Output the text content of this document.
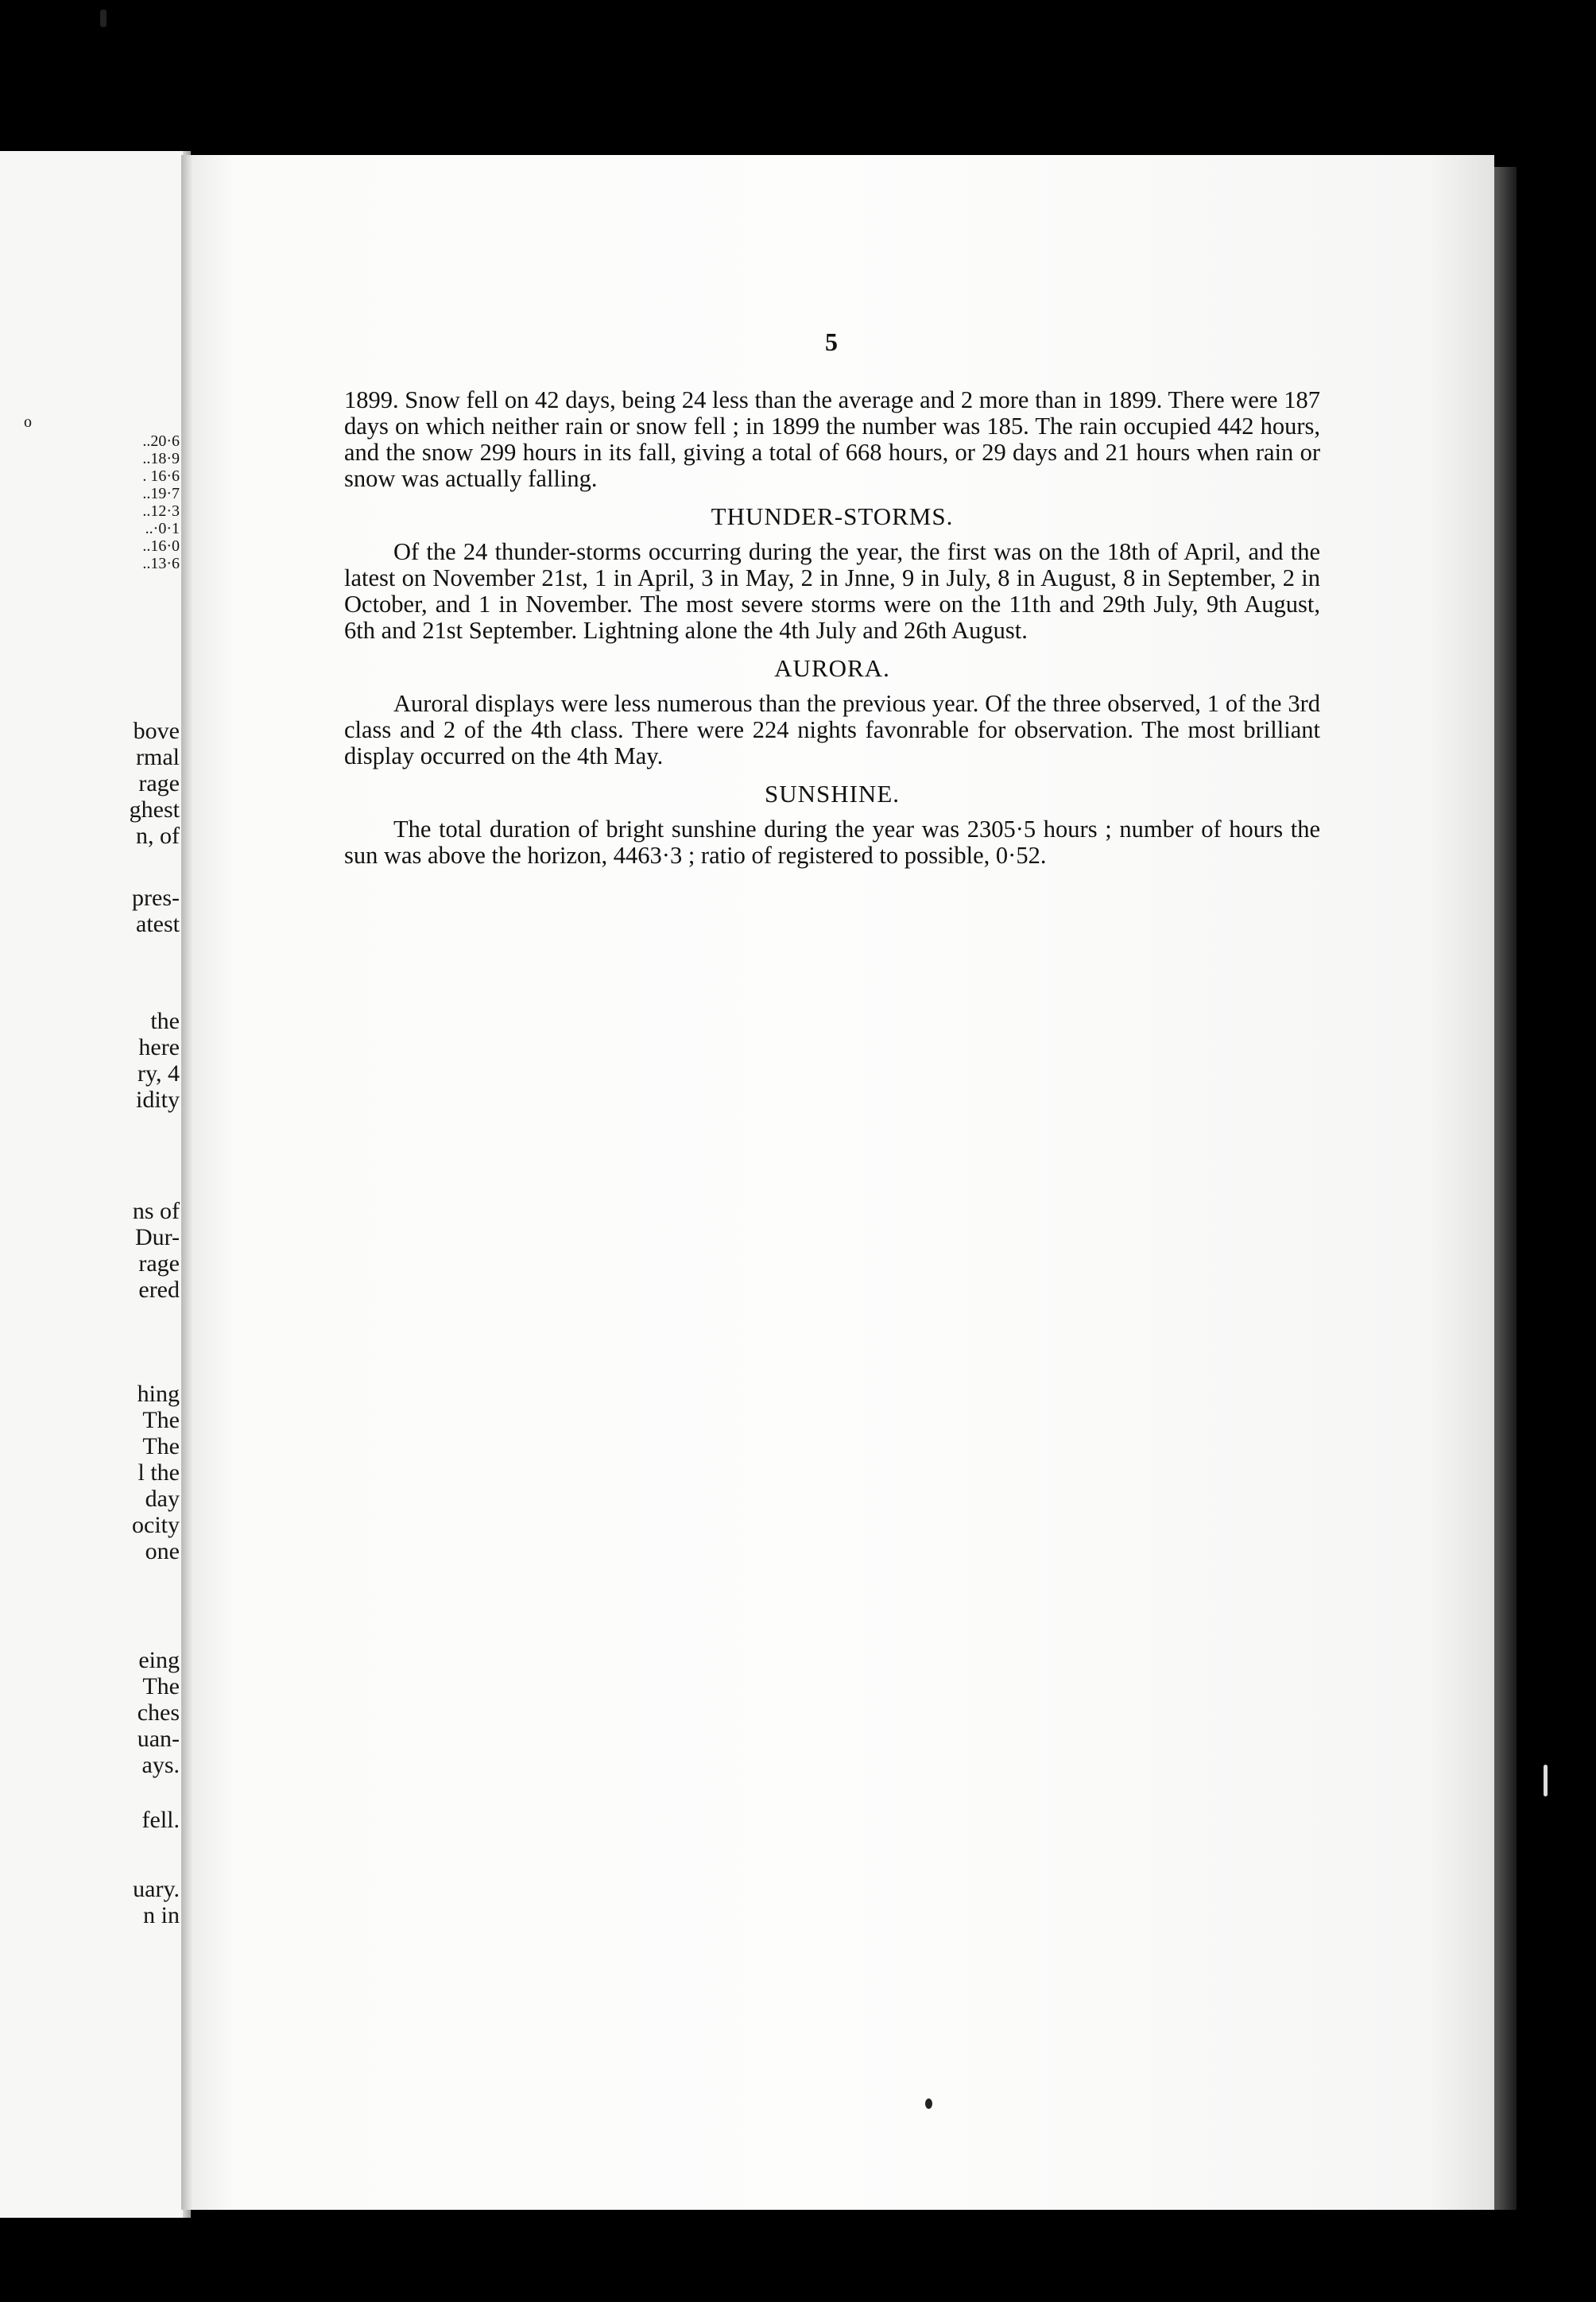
o
..20·6
..18·9
. 16·6
..19·7
..12·3
..·0·1
..16·0
..13·6
bove
rmal
rage
ghest
n, of
pres-
atest
the
here
ry, 4
idity
ns of
Dur-
rage
ered
hing
The
The
l the
day
ocity
one
eing
The
ches
uan-
ays.
fell.
uary.
n in
5

1899. Snow fell on 42 days, being 24 less than the average and 2 more than in 1899. There were 187 days on which neither rain or snow fell ; in 1899 the number was 185. The rain occupied 442 hours, and the snow 299 hours in its fall, giving a total of 668 hours, or 29 days and 21 hours when rain or snow was actually falling.

THUNDER-STORMS.

Of the 24 thunder-storms occurring during the year, the first was on the 18th of April, and the latest on November 21st, 1 in April, 3 in May, 2 in Jnne, 9 in July, 8 in August, 8 in September, 2 in October, and 1 in November. The most severe storms were on the 11th and 29th July, 9th August, 6th and 21st September. Lightning alone the 4th July and 26th August.

AURORA.

Auroral displays were less numerous than the previous year. Of the three observed, 1 of the 3rd class and 2 of the 4th class. There were 224 nights favonrable for observation. The most brilliant display occurred on the 4th May.

SUNSHINE.

The total duration of bright sunshine during the year was 2305·5 hours ; number of hours the sun was above the horizon, 4463·3 ; ratio of registered to possible, 0·52.
